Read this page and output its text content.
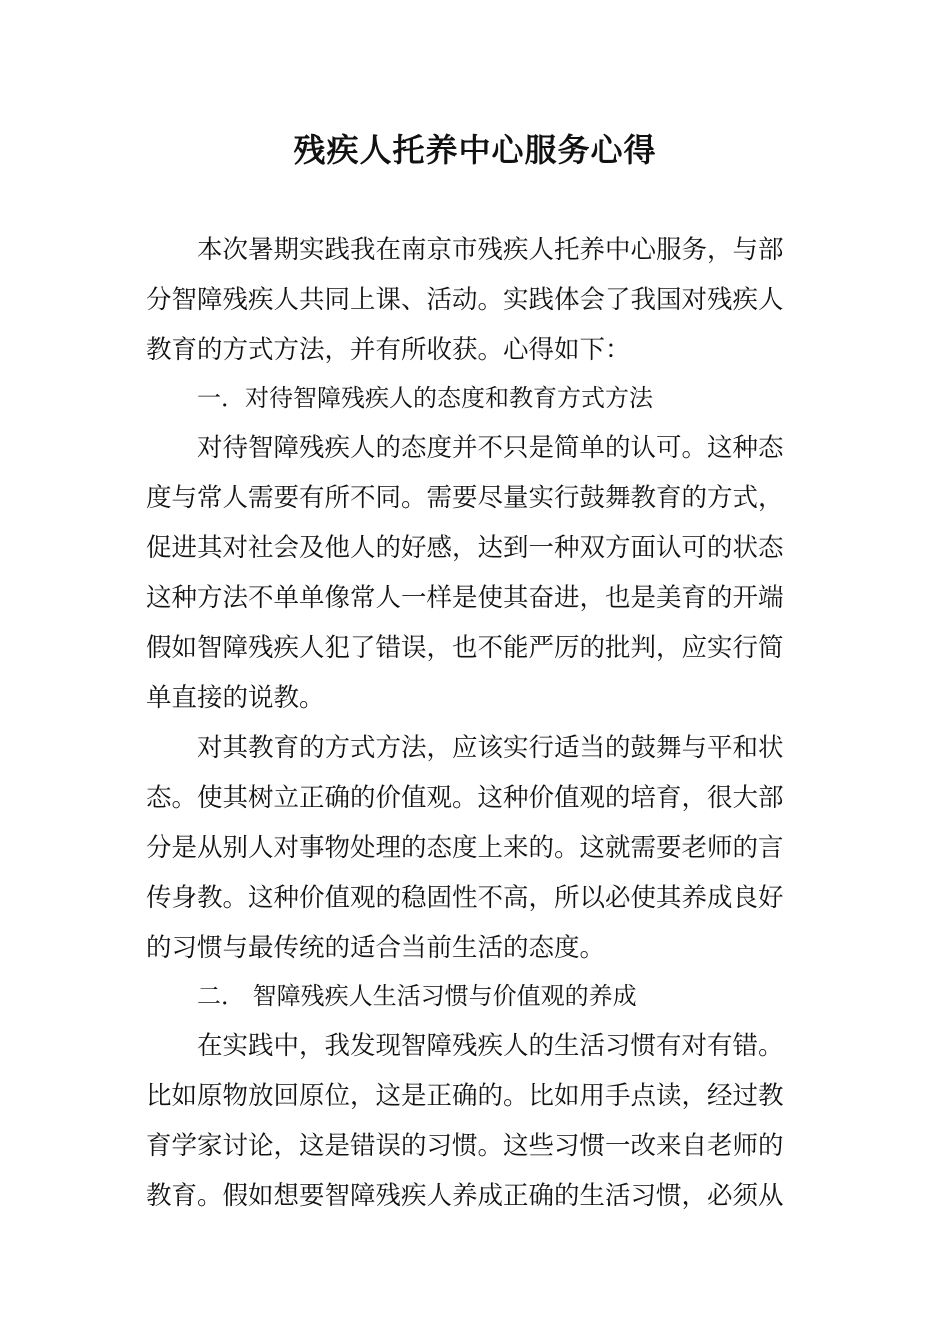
残疾人托养中心服务心得

本次暑期实践我在南京市残疾人托养中心服务，与部

分智障残疾人共同上课、活动。实践体会了我国对残疾人

教育的方式方法，并有所收获。心得如下：

一．对待智障残疾人的态度和教育方式方法

对待智障残疾人的态度并不只是简单的认可。这种态

度与常人需要有所不同。需要尽量实行鼓舞教育的方式，

促进其对社会及他人的好感，达到一种双方面认可的状态

这种方法不单单像常人一样是使其奋进，也是美育的开端

假如智障残疾人犯了错误，也不能严厉的批判，应实行简

单直接的说教。

对其教育的方式方法，应该实行适当的鼓舞与平和状

态。使其树立正确的价值观。这种价值观的培育，很大部

分是从别人对事物处理的态度上来的。这就需要老师的言

传身教。这种价值观的稳固性不高，所以必使其养成良好

的习惯与最传统的适合当前生活的态度。

二． 智障残疾人生活习惯与价值观的养成

在实践中，我发现智障残疾人的生活习惯有对有错。

比如原物放回原位，这是正确的。比如用手点读，经过教

育学家讨论，这是错误的习惯。这些习惯一改来自老师的

教育。假如想要智障残疾人养成正确的生活习惯，必须从
